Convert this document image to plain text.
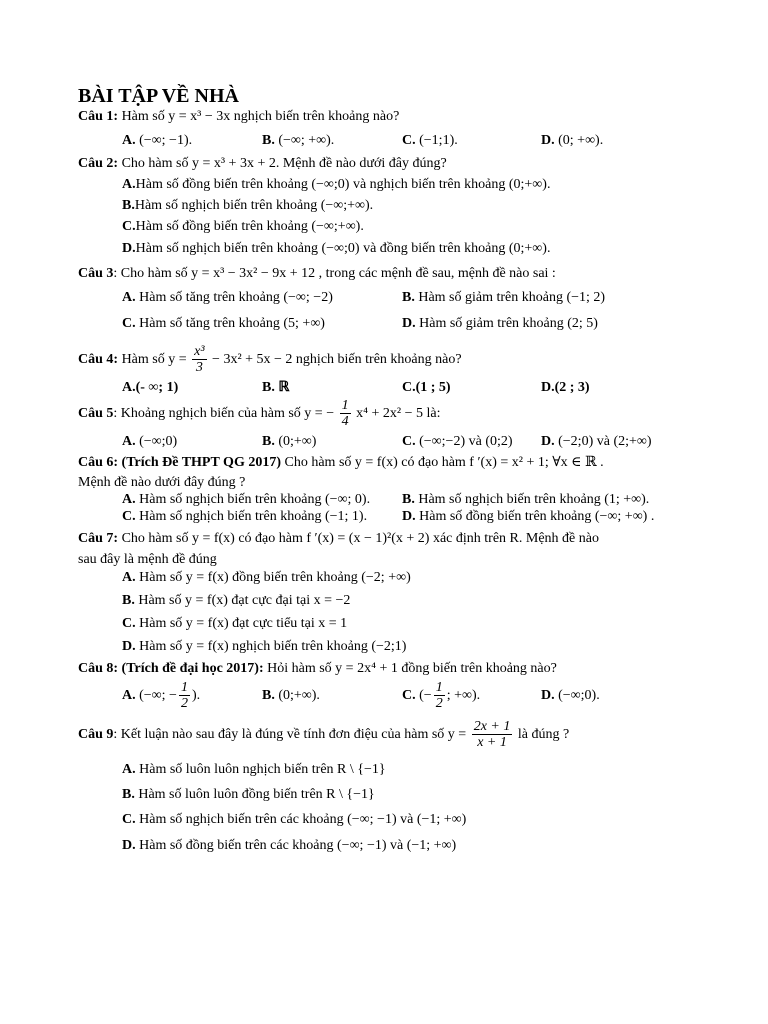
BÀI TẬP VỀ NHÀ
Câu 1: Hàm số y = x³ − 3x nghịch biến trên khoảng nào?
A. (−∞; −1).	B. (−∞; +∞).	C. (−1;1).	D. (0; +∞).
Câu 2: Cho hàm số y = x³ + 3x + 2. Mệnh đề nào dưới đây đúng?
A.Hàm số đồng biến trên khoảng (−∞;0) và nghịch biến trên khoảng (0;+∞).
B.Hàm số nghịch biến trên khoảng (−∞;+∞).
C.Hàm số đồng biến trên khoảng (−∞;+∞).
D.Hàm số nghịch biến trên khoảng (−∞;0) và đồng biến trên khoảng (0;+∞).
Câu 3: Cho hàm số y = x³ − 3x² − 9x + 12 , trong các mệnh đề sau, mệnh đề nào sai :
A. Hàm số tăng trên khoảng (−∞; −2)	B. Hàm số giảm trên khoảng (−1; 2)
C. Hàm số tăng trên khoảng (5; +∞)	D. Hàm số giảm trên khoảng (2; 5)
Câu 4: Hàm số $y = \frac{\text{x³}}{3} - 3x^2 + 5x - 2$ nghịch biến trên khoảng nào?
A.(- ∞; 1)	B. ℝ	C.(1 ; 5)	D.(2 ; 3)
Câu 5: Khoảng nghịch biến của hàm số y = − $\frac{1}{4} x^4 + 2x^2 - 5$ là:
A. (−∞;0)	B. (0;+∞)	C. (−∞;−2) và (0;2) D. (−2;0) và (2;+∞)
Câu 6: (Trích Đề THPT QG 2017) Cho hàm số y = f(x) có đạo hàm f ′(x) = x² + 1; ∀x ∈ ℝ .
Mệnh đề nào dưới đây đúng ?
A. Hàm số nghịch biến trên khoảng (−∞; 0). B. Hàm số nghịch biến trên khoảng (1; +∞).
C. Hàm số nghịch biến trên khoảng (−1; 1). D. Hàm số đồng biến trên khoảng (−∞; +∞) .
Câu 7: Cho hàm số y = f(x) có đạo hàm f ′(x) = (x − 1)²(x + 2) xác định trên R. Mệnh đề nào
sau đây là mệnh đề đúng
A. Hàm số y = f(x) đồng biến trên khoảng (−2; +∞)
B. Hàm số y = f(x) đạt cực đại tại x = −2
C. Hàm số y = f(x) đạt cực tiểu tại x = 1
D. Hàm số y = f(x) nghịch biến trên khoảng (−2;1)
Câu 8: (Trích đề đại học 2017): Hỏi hàm số y = 2x⁴ + 1 đồng biến trên khoảng nào?
A. (−∞; − $\frac{1}{2}$ ).	B. (0;+∞).	C. (− $\frac{1}{2}$ ; +∞).	D. (−∞;0).
Câu 9: Kết luận nào sau đây là đúng về tính đơn điệu của hàm số $y = \frac{2x + 1}{x + 1}$ là đúng ?
A. Hàm số luôn luôn nghịch biến trên R \ {−1}
B. Hàm số luôn luôn đồng biến trên R \ {−1}
C. Hàm số nghịch biến trên các khoảng (−∞; −1) và (−1; +∞)
D. Hàm số đồng biến trên các khoảng (−∞; −1) và (−1; +∞)
